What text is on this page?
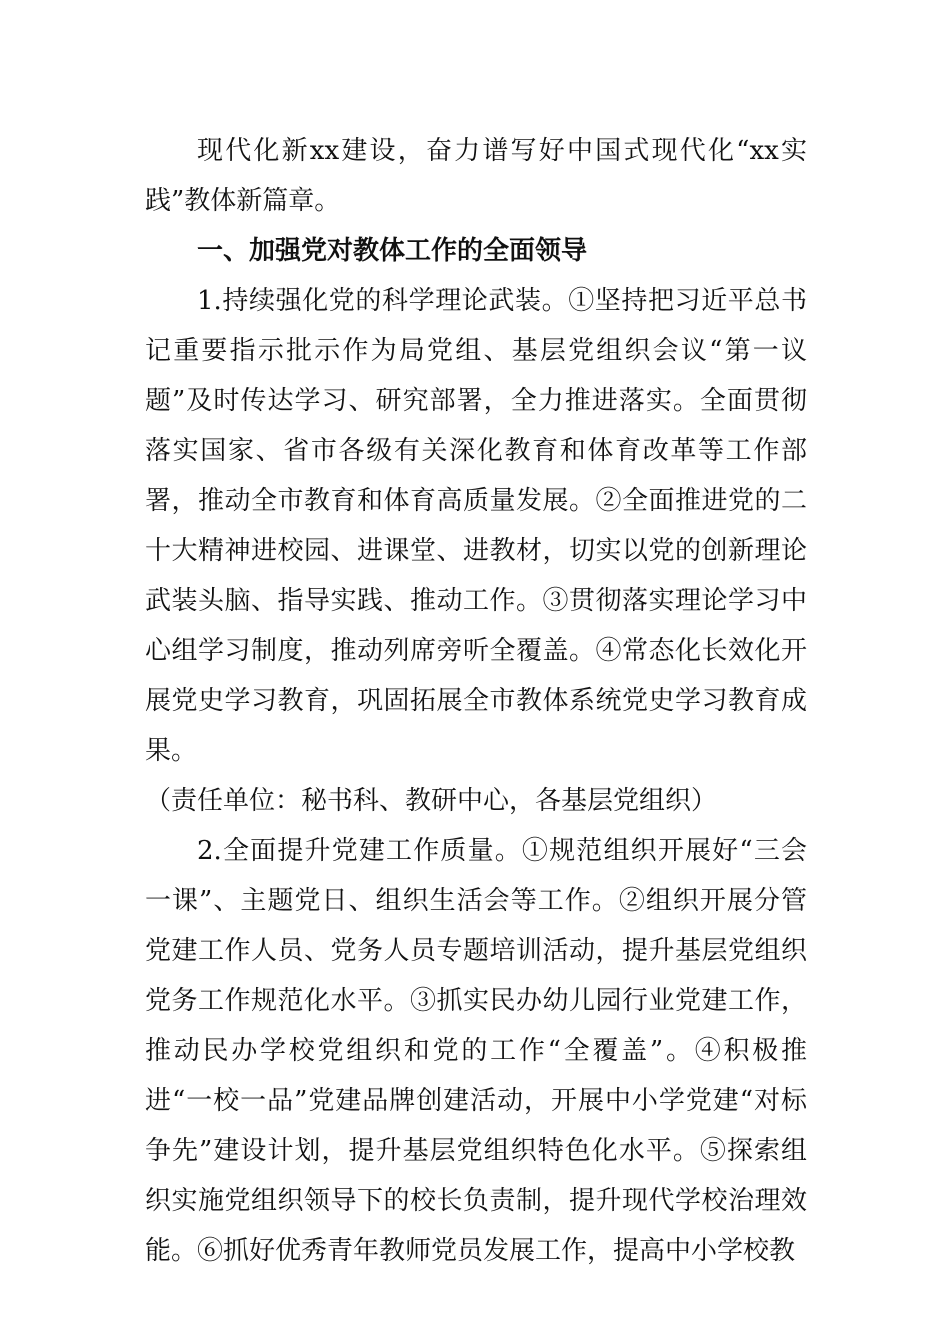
现代化新xx建设，奋力谱写好中国式现代化“xx实践”教体新篇章。

一、加强党对教体工作的全面领导

1.持续强化党的科学理论武装。①坚持把习近平总书记重要指示批示作为局党组、基层党组织会议“第一议题”及时传达学习、研究部署，全力推进落实。全面贯彻落实国家、省市各级有关深化教育和体育改革等工作部署，推动全市教育和体育高质量发展。②全面推进党的二十大精神进校园、进课堂、进教材，切实以党的创新理论武装头脑、指导实践、推动工作。③贯彻落实理论学习中心组学习制度，推动列席旁听全覆盖。④常态化长效化开展党史学习教育，巩固拓展全市教体系统党史学习教育成果。

（责任单位：秘书科、教研中心，各基层党组织）

2.全面提升党建工作质量。①规范组织开展好“三会一课”、主题党日、组织生活会等工作。②组织开展分管党建工作人员、党务人员专题培训活动，提升基层党组织党务工作规范化水平。③抓实民办幼儿园行业党建工作，推动民办学校党组织和党的工作“全覆盖”。④积极推进“一校一品”党建品牌创建活动，开展中小学党建“对标争先”建设计划，提升基层党组织特色化水平。⑤探索组织实施党组织领导下的校长负责制，提升现代学校治理效能。⑥抓好优秀青年教师党员发展工作，提高中小学校教
